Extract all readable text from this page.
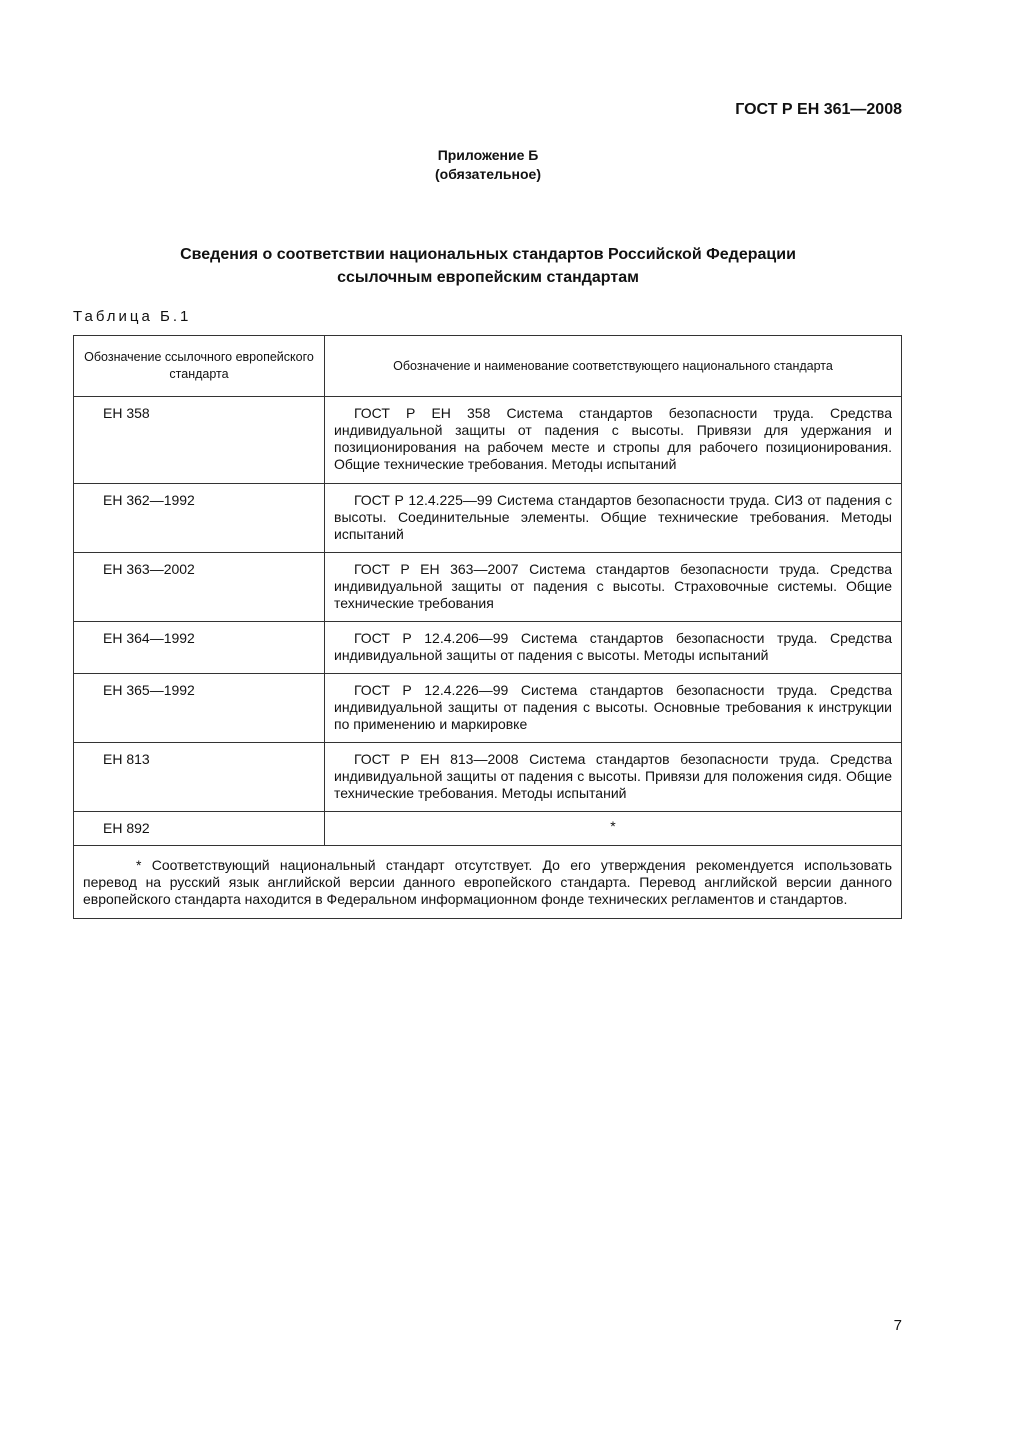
ГОСТ Р ЕН 361—2008
Приложение Б
(обязательное)
Сведения о соответствии национальных стандартов Российской Федерации
ссылочным европейским стандартам
Таблица Б.1
Обозначение ссылочного европейского стандарта	Обозначение и наименование соответствующего национального стандарта
ЕН 358	ГОСТ Р ЕН 358 Система стандартов безопасности труда. Средства индивидуальной защиты от падения с высоты. Привязи для удержания и позиционирования на рабочем месте и стропы для рабочего позиционирования. Общие технические требования. Методы испытаний
ЕН 362—1992	ГОСТ Р 12.4.225—99 Система стандартов безопасности труда. СИЗ от падения с высоты. Соединительные элементы. Общие технические требования. Методы испытаний
ЕН 363—2002	ГОСТ Р ЕН 363—2007 Система стандартов безопасности труда. Средства индивидуальной защиты от падения с высоты. Страховочные системы. Общие технические требования
ЕН 364—1992	ГОСТ Р 12.4.206—99 Система стандартов безопасности труда. Средства индивидуальной защиты от падения с высоты. Методы испытаний
ЕН 365—1992	ГОСТ Р 12.4.226—99 Система стандартов безопасности труда. Средства индивидуальной защиты от падения с высоты. Основные требования к инструкции по применению и маркировке
ЕН 813	ГОСТ Р ЕН 813—2008 Система стандартов безопасности труда. Средства индивидуальной защиты от падения с высоты. Привязи для положения сидя. Общие технические требования. Методы испытаний
ЕН 892	*
* Соответствующий национальный стандарт отсутствует. До его утверждения рекомендуется использовать перевод на русский язык английской версии данного европейского стандарта. Перевод английской версии данного европейского стандарта находится в Федеральном информационном фонде технических регламентов и стандартов.	
7
